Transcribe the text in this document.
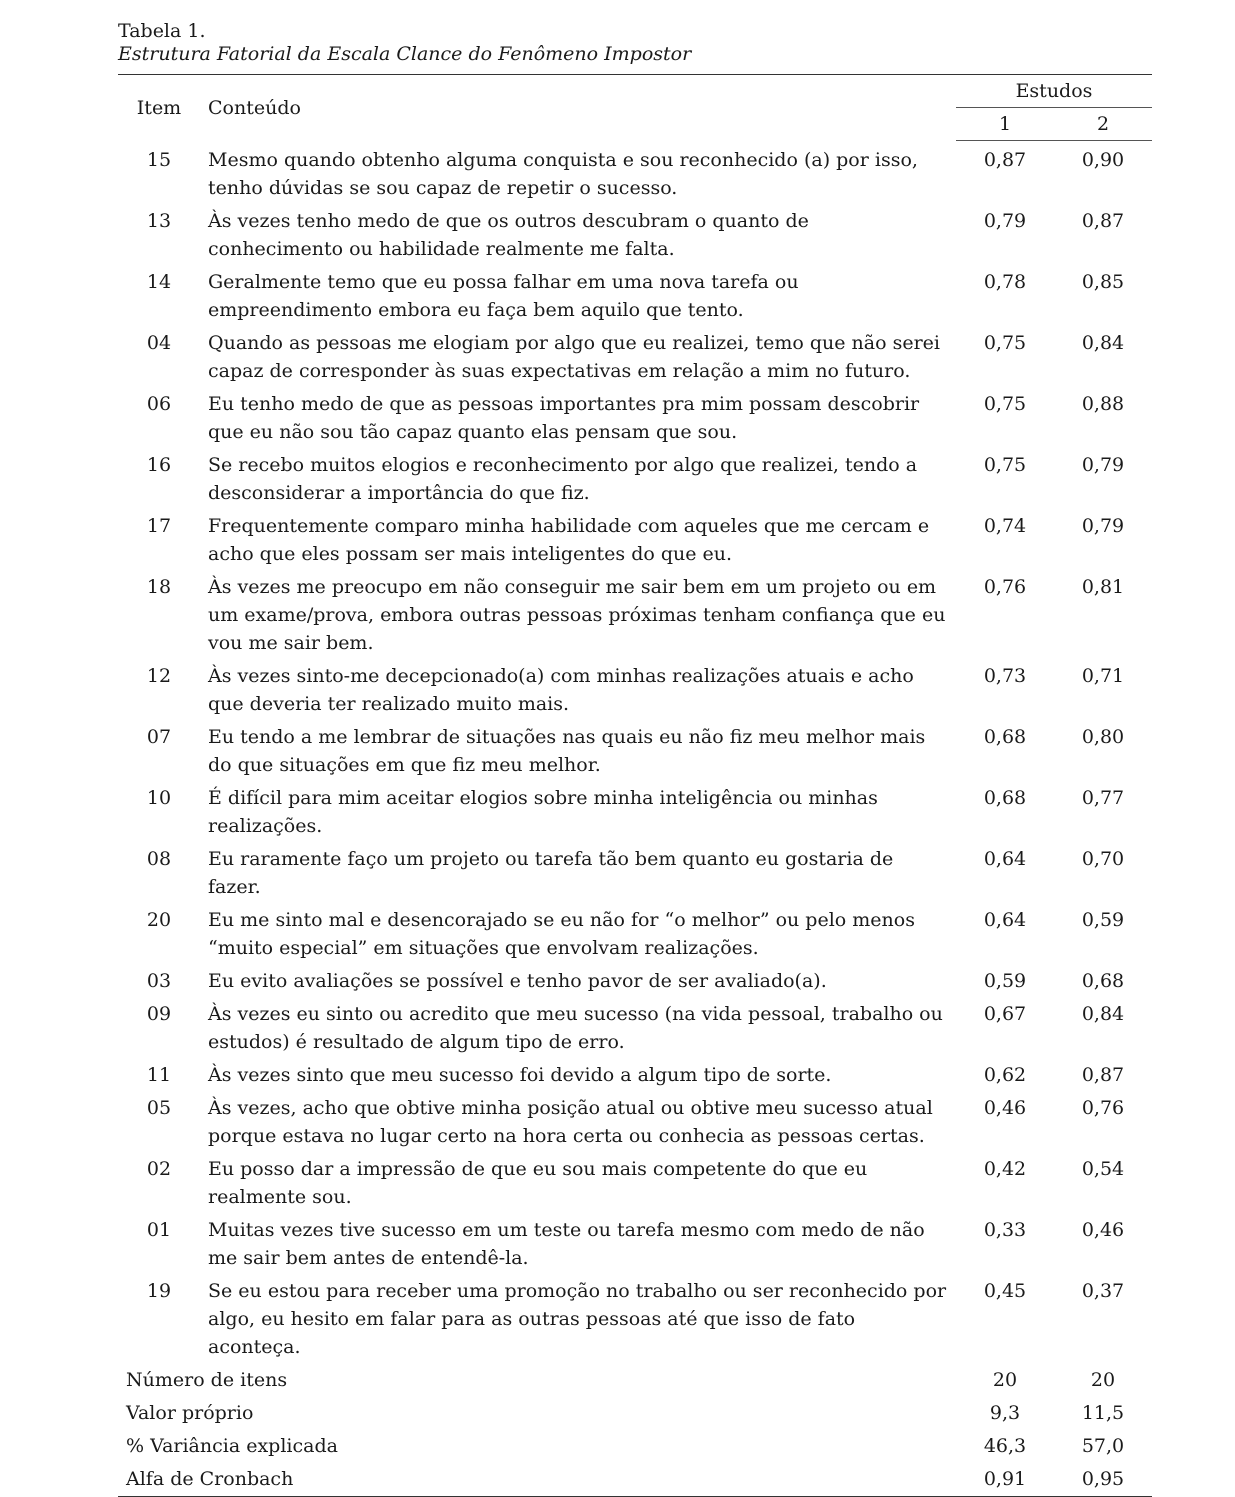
Tabela 1.

Estrutura Fatorial da Escala Clance do Fenômeno Impostor

Item	Conteúdo	Estudos	
		1	2
15	Mesmo quando obtenho alguma conquista e sou reconhecido (a) por isso, tenho dúvidas se sou capaz de repetir o sucesso.	0,87	0,90
13	Às vezes tenho medo de que os outros descubram o quanto de conhecimento ou habilidade realmente me falta.	0,79	0,87
14	Geralmente temo que eu possa falhar em uma nova tarefa ou empreendimento embora eu faça bem aquilo que tento.	0,78	0,85
04	Quando as pessoas me elogiam por algo que eu realizei, temo que não serei capaz de corresponder às suas expectativas em relação a mim no futuro.	0,75	0,84
06	Eu tenho medo de que as pessoas importantes pra mim possam descobrir que eu não sou tão capaz quanto elas pensam que sou.	0,75	0,88
16	Se recebo muitos elogios e reconhecimento por algo que realizei, tendo a desconsiderar a importância do que fiz.	0,75	0,79
17	Frequentemente comparo minha habilidade com aqueles que me cercam e acho que eles possam ser mais inteligentes do que eu.	0,74	0,79
18	Às vezes me preocupo em não conseguir me sair bem em um projeto ou em um exame/prova, embora outras pessoas próximas tenham confiança que eu vou me sair bem.	0,76	0,81
12	Às vezes sinto-me decepcionado(a) com minhas realizações atuais e acho que deveria ter realizado muito mais.	0,73	0,71
07	Eu tendo a me lembrar de situações nas quais eu não fiz meu melhor mais do que situações em que fiz meu melhor.	0,68	0,80
10	É difícil para mim aceitar elogios sobre minha inteligência ou minhas realizações.	0,68	0,77
08	Eu raramente faço um projeto ou tarefa tão bem quanto eu gostaria de fazer.	0,64	0,70
20	Eu me sinto mal e desencorajado se eu não for “o melhor” ou pelo menos “muito especial” em situações que envolvam realizações.	0,64	0,59
03	Eu evito avaliações se possível e tenho pavor de ser avaliado(a).	0,59	0,68
09	Às vezes eu sinto ou acredito que meu sucesso (na vida pessoal, trabalho ou estudos) é resultado de algum tipo de erro.	0,67	0,84
11	Às vezes sinto que meu sucesso foi devido a algum tipo de sorte.	0,62	0,87
05	Às vezes, acho que obtive minha posição atual ou obtive meu sucesso atual porque estava no lugar certo na hora certa ou conhecia as pessoas certas.	0,46	0,76
02	Eu posso dar a impressão de que eu sou mais competente do que eu realmente sou.	0,42	0,54
01	Muitas vezes tive sucesso em um teste ou tarefa mesmo com medo de não me sair bem antes de entendê-la.	0,33	0,46
19	Se eu estou para receber uma promoção no trabalho ou ser reconhecido por algo, eu hesito em falar para as outras pessoas até que isso de fato aconteça.	0,45	0,37
Número de itens		20	20
Valor próprio		9,3	11,5
% Variância explicada		46,3	57,0
Alfa de Cronbach		0,91	0,95
